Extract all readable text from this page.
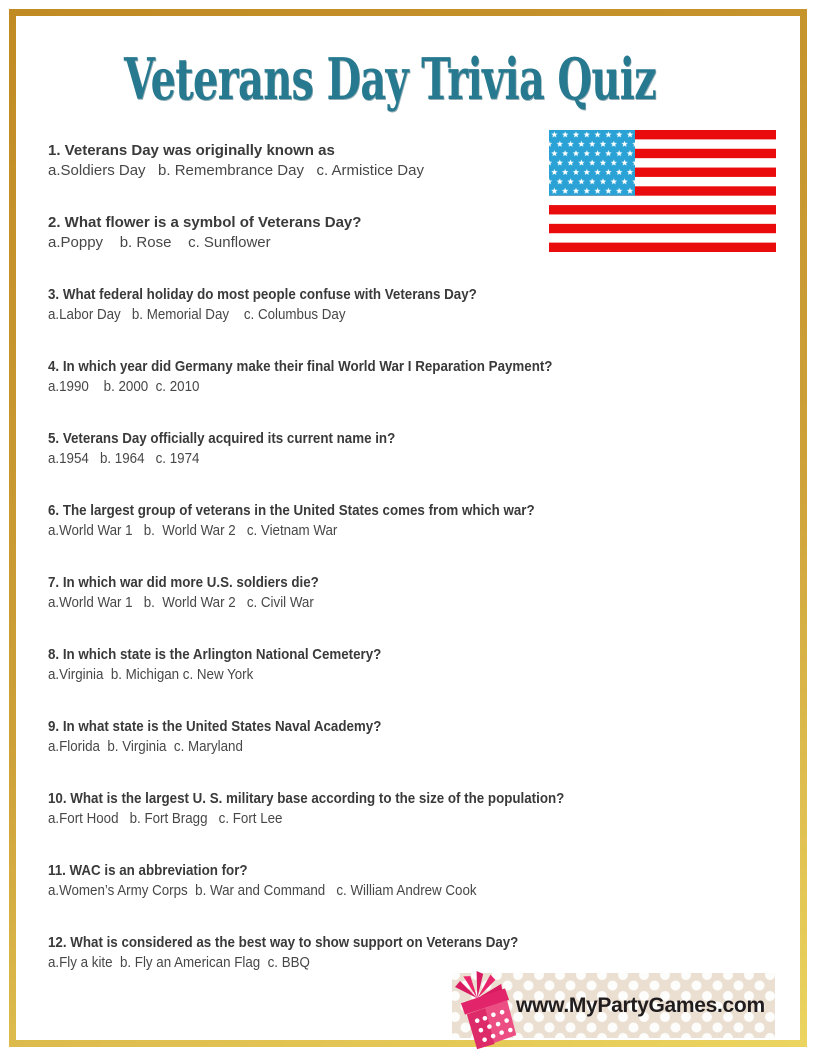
Veterans Day Trivia Quiz
1. Veterans Day was originally known as
a.Soldiers Day   b. Remembrance Day   c. Armistice Day
2. What flower is a symbol of Veterans Day?
a.Poppy    b. Rose    c. Sunflower
3. What federal holiday do most people confuse with Veterans Day?
a.Labor Day   b. Memorial Day    c. Columbus Day
4. In which year did Germany make their final World War I Reparation Payment?
a.1990    b. 2000  c. 2010
5. Veterans Day officially acquired its current name in?
a.1954   b. 1964   c. 1974
6. The largest group of veterans in the United States comes from which war?
a.World War 1   b.  World War 2   c. Vietnam War
7. In which war did more U.S. soldiers die?
a.World War 1   b.  World War 2   c. Civil War
8. In which state is the Arlington National Cemetery?
a.Virginia  b. Michigan c. New York
9. In what state is the United States Naval Academy?
a.Florida  b. Virginia  c. Maryland
10. What is the largest U. S. military base according to the size of the population?
a.Fort Hood   b. Fort Bragg   c. Fort Lee
11. WAC is an abbreviation for?
a.Women’s Army Corps  b. War and Command   c. William Andrew Cook
12. What is considered as the best way to show support on Veterans Day?
a.Fly a kite  b. Fly an American Flag  c. BBQ
www.MyPartyGames.com
